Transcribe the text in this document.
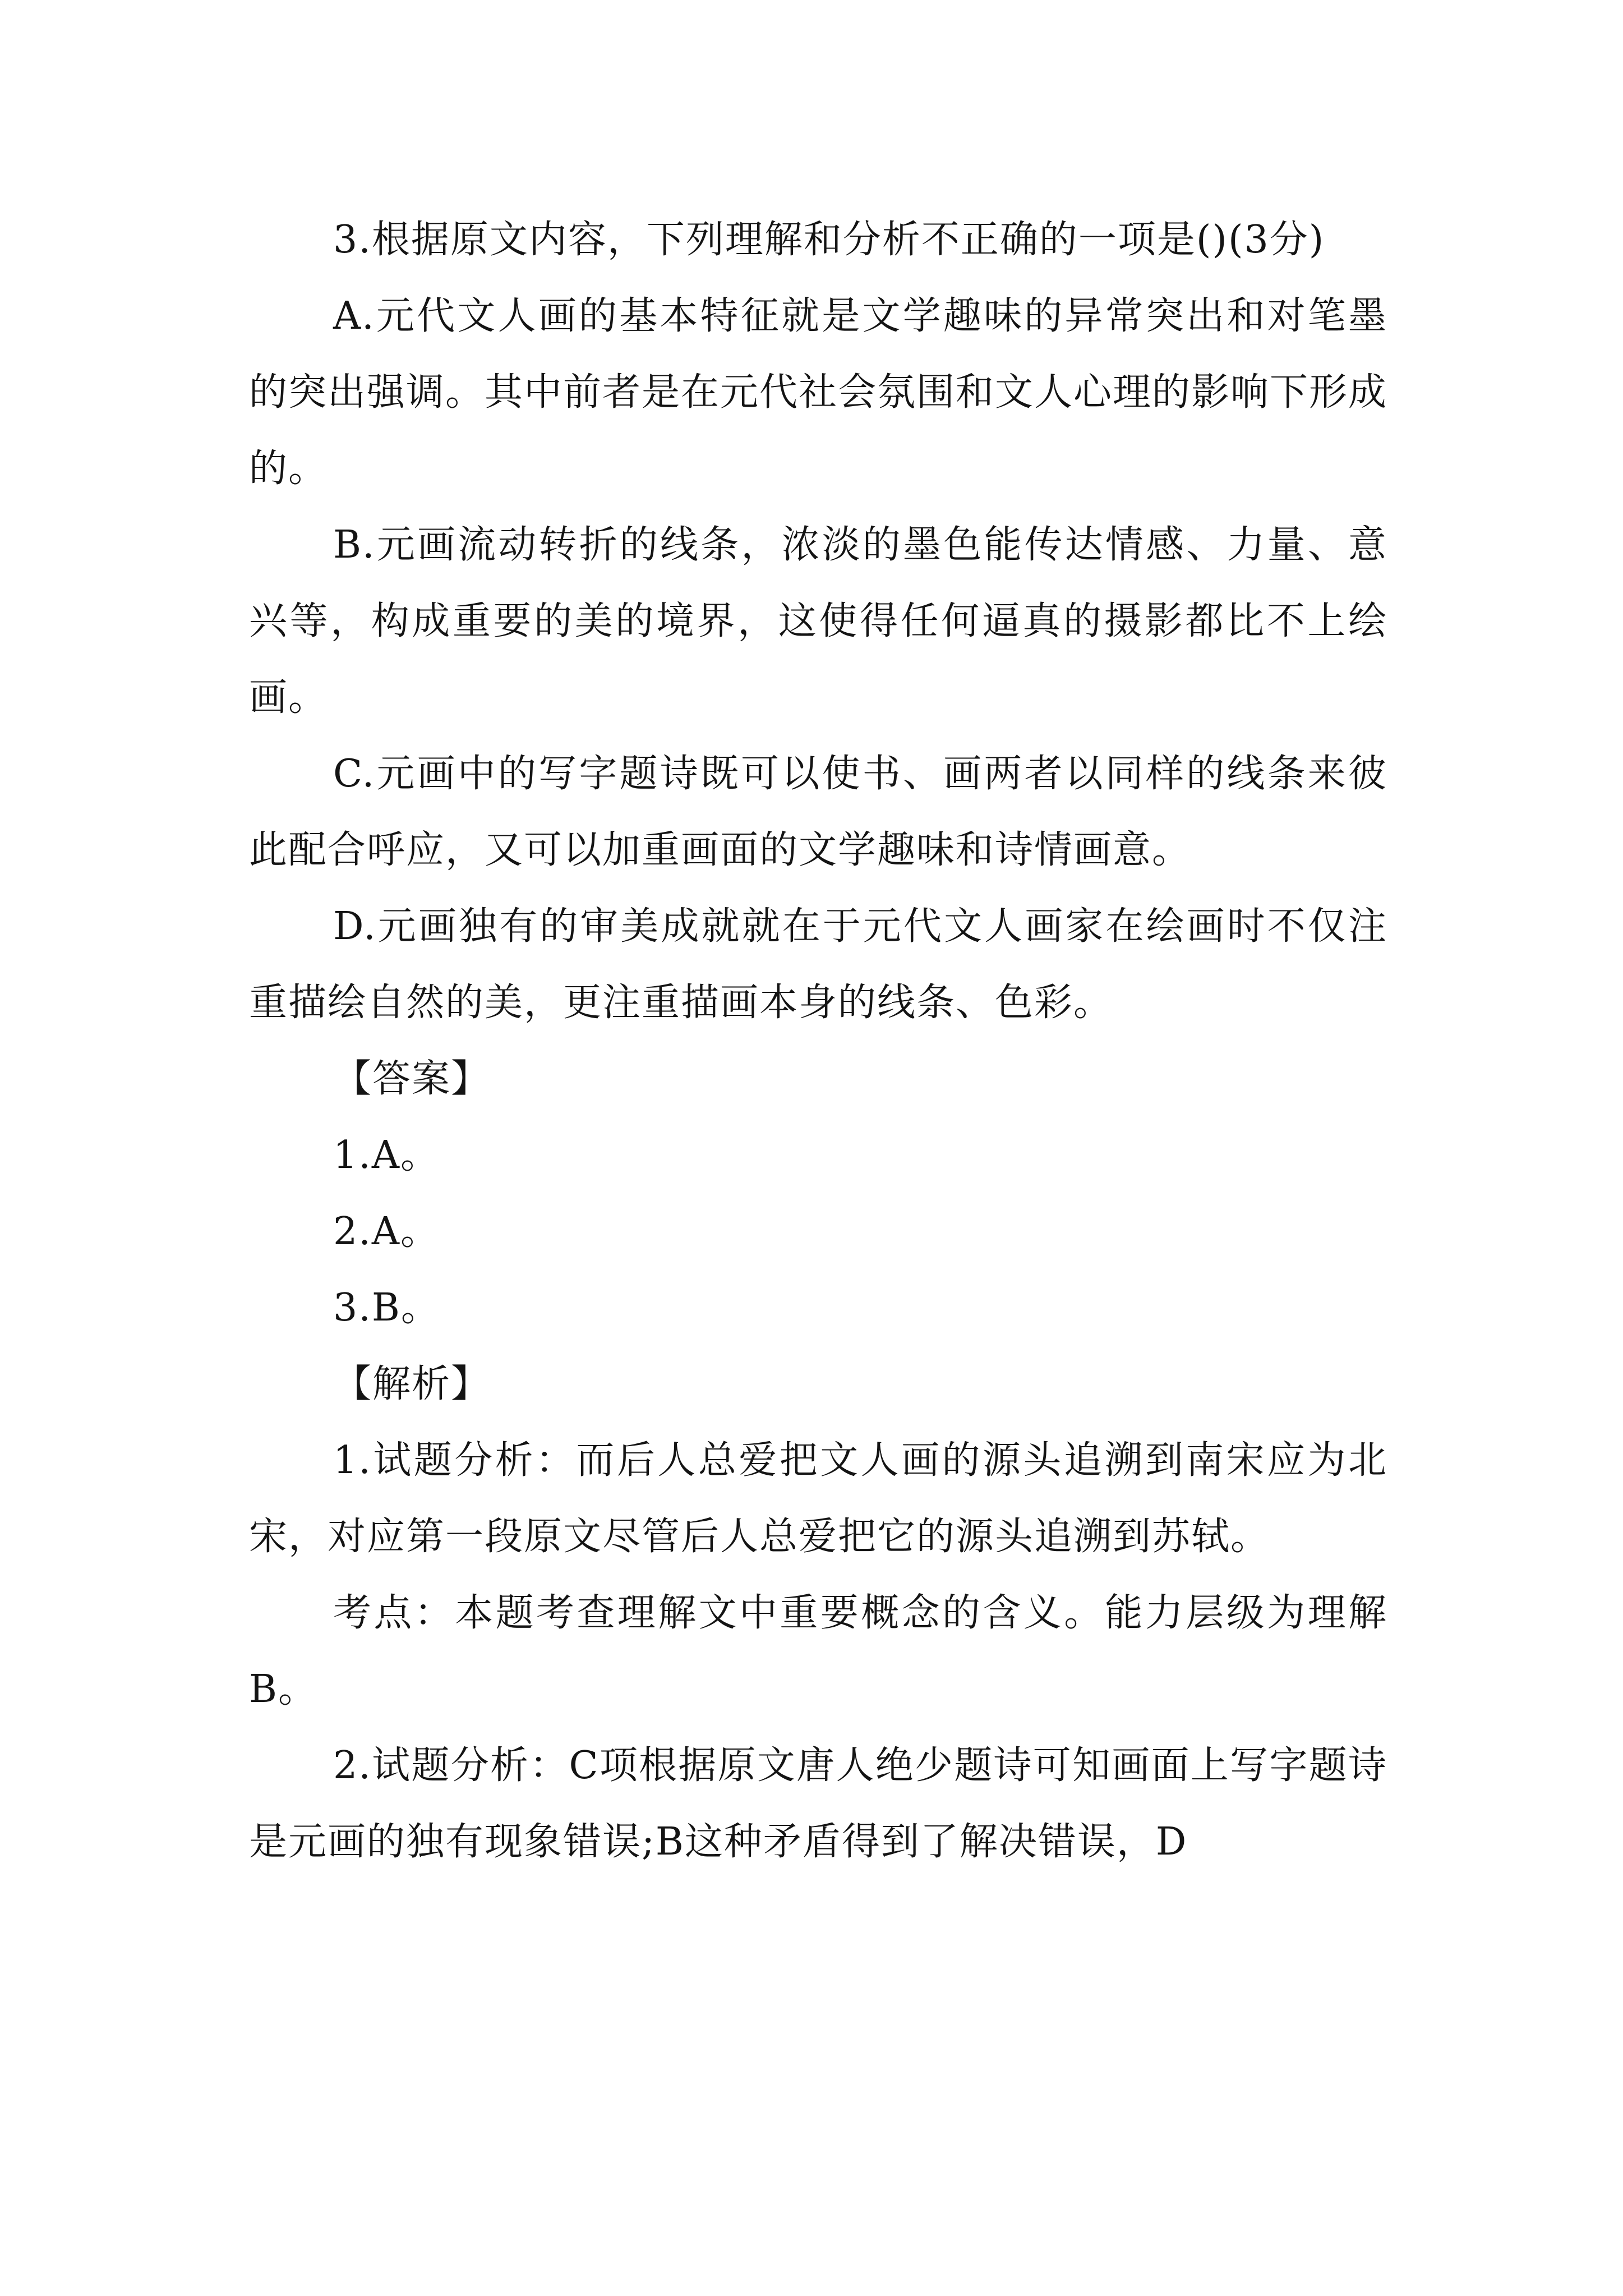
3.根据原文内容，下列理解和分析不正确的一项是()(3分)

A.元代文人画的基本特征就是文学趣味的异常突出和对笔墨的突出强调。其中前者是在元代社会氛围和文人心理的影响下形成的。

B.元画流动转折的线条，浓淡的墨色能传达情感、力量、意兴等，构成重要的美的境界，这使得任何逼真的摄影都比不上绘画。

C.元画中的写字题诗既可以使书、画两者以同样的线条来彼此配合呼应，又可以加重画面的文学趣味和诗情画意。

D.元画独有的审美成就就在于元代文人画家在绘画时不仅注重描绘自然的美，更注重描画本身的线条、色彩。

【答案】

1.A。

2.A。

3.B。

【解析】

1.试题分析：而后人总爱把文人画的源头追溯到南宋应为北宋，对应第一段原文尽管后人总爱把它的源头追溯到苏轼。

考点：本题考查理解文中重要概念的含义。能力层级为理解B。

2.试题分析：C项根据原文唐人绝少题诗可知画面上写字题诗是元画的独有现象错误;B这种矛盾得到了解决错误，D
